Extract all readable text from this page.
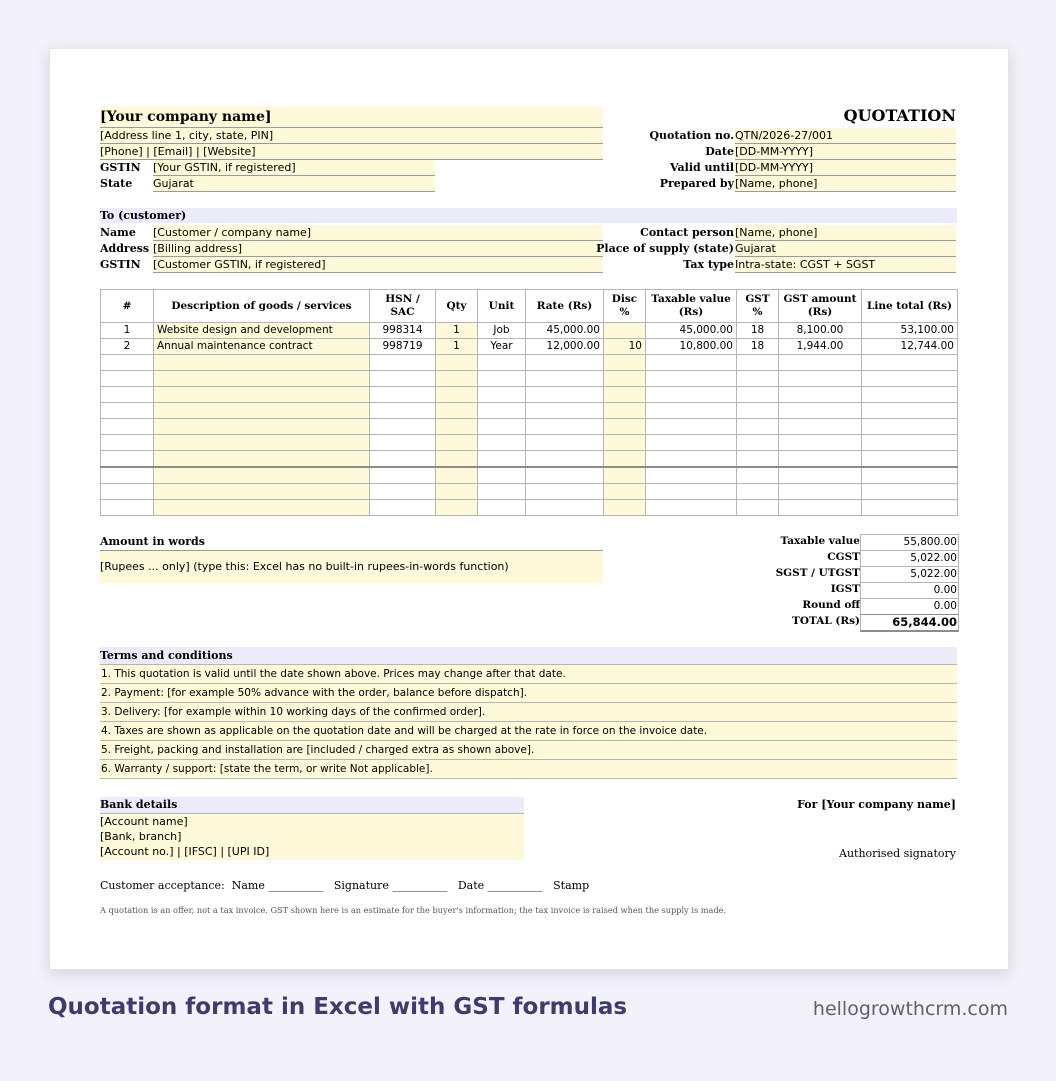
[Your company name]
[Address line 1, city, state, PIN]
[Phone] | [Email] | [Website]
GSTIN [Your GSTIN, if registered]
State Gujarat
QUOTATION
Quotation no. QTN/2026-27/001
Date [DD-MM-YYYY]
Valid until [DD-MM-YYYY]
Prepared by [Name, phone]
To (customer)
Name [Customer / company name]
Address [Billing address]
GSTIN [Customer GSTIN, if registered]
Contact person [Name, phone]
Place of supply (state) Gujarat
Tax type Intra-state: CGST + SGST
#	Description of goods / services	HSN / SAC	Qty	Unit	Rate (Rs)	Disc %	Taxable value (Rs)	GST %	GST amount (Rs)	Line total (Rs)
1	Website design and development	998314	1	Job	45,000.00		45,000.00	18	8,100.00	53,100.00
2	Annual maintenance contract	998719	1	Year	12,000.00	10	10,800.00	18	1,944.00	12,744.00

Amount in words
[Rupees ... only] (type this: Excel has no built-in rupees-in-words function)
Taxable value	55,800.00
CGST	5,022.00
SGST / UTGST	5,022.00
IGST	0.00
Round off	0.00
TOTAL (Rs)	65,844.00
Terms and conditions
1. This quotation is valid until the date shown above. Prices may change after that date.
2. Payment: [for example 50% advance with the order, balance before dispatch].
3. Delivery: [for example within 10 working days of the confirmed order].
4. Taxes are shown as applicable on the quotation date and will be charged at the rate in force on the invoice date.
5. Freight, packing and installation are [included / charged extra as shown above].
6. Warranty / support: [state the term, or write Not applicable].
Bank details
[Account name]
[Bank, branch]
[Account no.] | [IFSC] | [UPI ID]
For [Your company name]
Authorised signatory
Customer acceptance:  Name __________   Signature __________   Date __________   Stamp
A quotation is an offer, not a tax invoice. GST shown here is an estimate for the buyer's information; the tax invoice is raised when the supply is made.
Quotation format in Excel with GST formulas	hellogrowthcrm.com
